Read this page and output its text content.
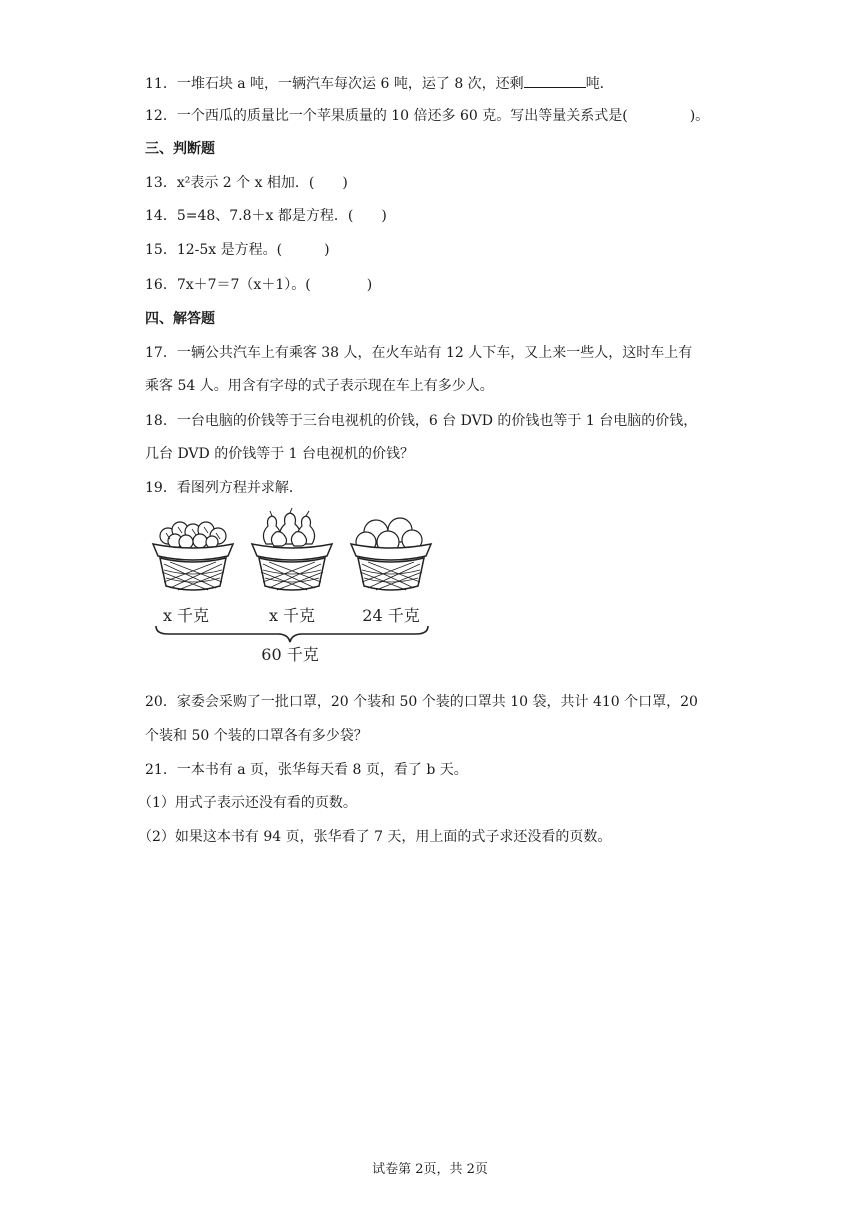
11．一堆石块 a 吨，一辆汽车每次运 6 吨，运了 8 次，还剩	吨．
12．一个西瓜的质量比一个苹果质量的 10 倍还多 60 克。写出等量关系式是(	)。
三、判断题
13．x²表示 2 个 x 相加．(　　)
14．5=48、7.8＋x 都是方程．(　　)
15．12-5x 是方程。(　　　)
16．7x＋7＝7（x＋1）。(　　　　)
四、解答题
17．一辆公共汽车上有乘客 38 人，在火车站有 12 人下车，又上来一些人，这时车上有
乘客 54 人。用含有字母的式子表示现在车上有多少人。
18．一台电脑的价钱等于三台电视机的价钱，6 台 DVD 的价钱也等于 1 台电脑的价钱，
几台 DVD 的价钱等于 1 台电视机的价钱？
19．看图列方程并求解．
x 千克	x 千克	24 千克
60 千克
20．家委会采购了一批口罩，20 个装和 50 个装的口罩共 10 袋，共计 410 个口罩，20
个装和 50 个装的口罩各有多少袋？
21．一本书有 a 页，张华每天看 8 页，看了 b 天。
（1）用式子表示还没有看的页数。
（2）如果这本书有 94 页，张华看了 7 天，用上面的式子求还没看的页数。
试卷第 2页，共 2页
